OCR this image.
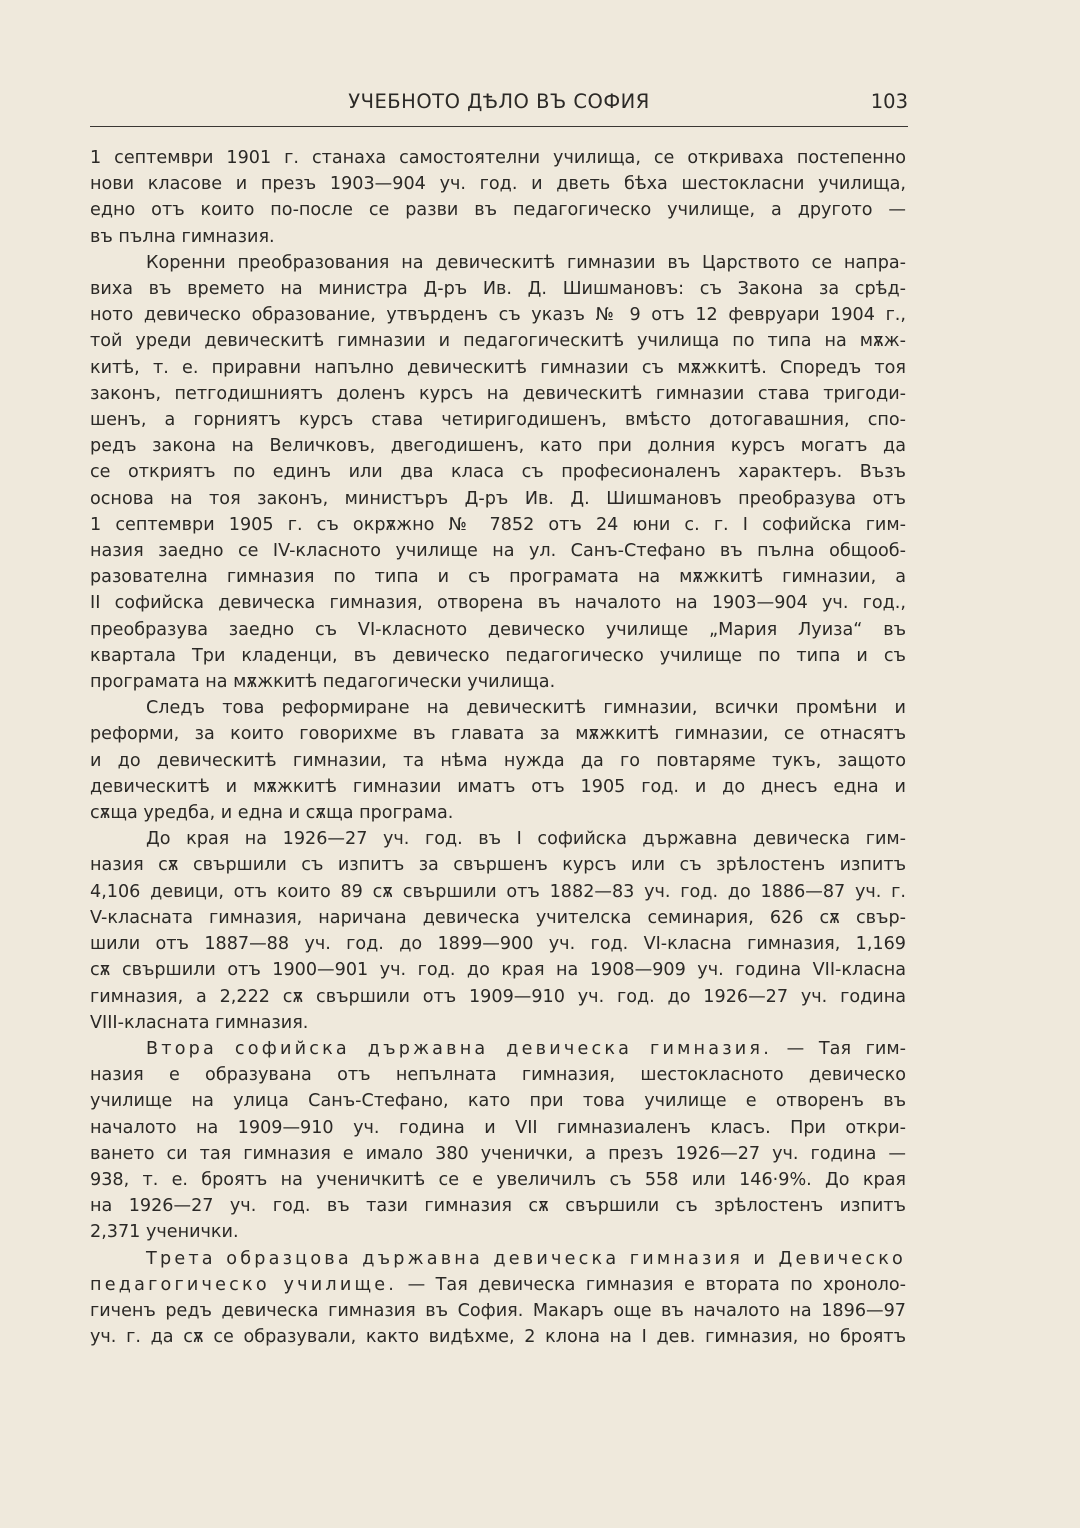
УЧЕБНОТО ДѢЛО ВЪ СОФИЯ	103

1 септември 1901 г. станаха самостоятелни училища, се откриваха постепенно

нови класове и презъ 1903—904 уч. год. и дветь бѣха шестокласни училища,

едно отъ които по-после се разви въ педагогическо училище, а другото —

въ пълна гимназия.

Коренни преобразования на девическитѣ гимназии въ Царството се напра-

виха въ времето на министра Д-ръ Ив. Д. Шишмановъ: съ Закона за срѣд-

ното девическо образование, утвърденъ съ указъ № 9 отъ 12 февруари 1904 г.,

той уреди девическитѣ гимназии и педагогическитѣ училища по типа на мѫж-

китѣ, т. е. приравни напълно девическитѣ гимназии съ мѫжкитѣ. Споредъ тоя

законъ, петгодишниятъ доленъ курсъ на девическитѣ гимназии става тригоди-

шенъ, а горниятъ курсъ става четиригодишенъ, вмѣсто дотогавашния, спо-

редъ закона на Величковъ, двегодишенъ, като при долния курсъ могатъ да

се откриятъ по единъ или два класа съ професионаленъ характеръ. Възъ

основа на тоя законъ, министъръ Д-ръ Ив. Д. Шишмановъ преобразува отъ

1 септември 1905 г. съ окрѫжно № 7852 отъ 24 юни с. г. I софийска гим-

назия заедно се IV-класното училище на ул. Санъ-Стефано въ пълна общооб-

разователна гимназия по типа и съ програмата на мѫжкитѣ гимназии, а

II софийска девическа гимназия, отворена въ началото на 1903—904 уч. год.,

преобразува заедно съ VI-класното девическо училище „Мария Луиза“ въ

квартала Три кладенци, въ девическо педагогическо училище по типа и съ

програмата на мѫжкитѣ педагогически училища.

Следъ това реформиране на девическитѣ гимназии, всички промѣни и

реформи, за които говорихме въ главата за мѫжкитѣ гимназии, се отнасятъ

и до девическитѣ гимназии, та нѣма нужда да го повтаряме тукъ, защото

девическитѣ и мѫжкитѣ гимназии иматъ отъ 1905 год. и до днесъ една и

сѫща уредба, и една и сѫща програма.

До края на 1926—27 уч. год. въ I софийска държавна девическа гим-

назия сѫ свършили съ изпитъ за свършенъ курсъ или съ зрѣлостенъ изпитъ

4,106 девици, отъ които 89 сѫ свършили отъ 1882—83 уч. год. до 1886—87 уч. г.

V-класната гимназия, наричана девическа учителска семинария, 626 сѫ свър-

шили отъ 1887—88 уч. год. до 1899—900 уч. год. VI-класна гимназия, 1,169

сѫ свършили отъ 1900—901 уч. год. до края на 1908—909 уч. година VII-класна

гимназия, а 2,222 сѫ свършили отъ 1909—910 уч. год. до 1926—27 уч. година

VIII-класната гимназия.

Втора софийска държавна девическа гимназия. — Тая гим-

назия е образувана отъ непълната гимназия, шестокласното девическо

училище на улица Санъ-Стефано, като при това училище е отворенъ въ

началото на 1909—910 уч. година и VII гимназиаленъ класъ. При откри-

ването си тая гимназия е имало 380 ученички, а презъ 1926—27 уч. година —

938, т. е. броятъ на ученичкитѣ се е увеличилъ съ 558 или 146·9%. До края

на 1926—27 уч. год. въ тази гимназия сѫ свършили съ зрѣлостенъ изпитъ

2,371 ученички.

Трета образцова държавна девическа гимназия и Девическо

педагогическо училище. — Тая девическа гимназия е втората по хроноло-

гиченъ редъ девическа гимназия въ София. Макаръ още въ началото на 1896—97

уч. г. да сѫ се образували, както видѣхме, 2 клона на I дев. гимназия, но броятъ
